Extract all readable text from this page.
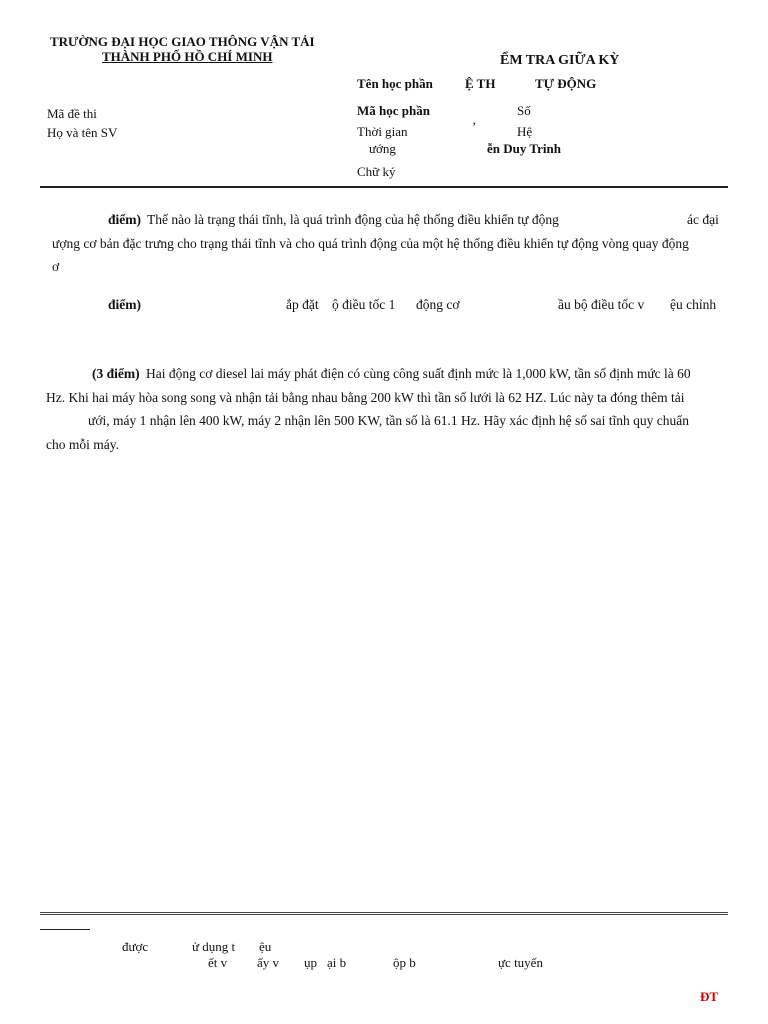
TRƯỜNG ĐẠI HỌC GIAO THÔNG VẬN TẢI
THÀNH PHỐ HỒ CHÍ MINH	ỂM TRA GIỮA KỲ
Tên học phần Ệ TH	TỰ ĐỘNG
Mã học phần	Số
Mã đề thi
Họ và tên SV	Thời gian	’	Hệ
ướng	ễn Duy Trinh
Chữ ký
điểm) Thế nào là trạng thái tĩnh, là quá trình động của hệ thống điều khiển tự động	ác đại
ượng cơ bản đặc trưng cho trạng thái tĩnh và cho quá trình động của một hệ thống điều khiển tự động vòng quay động
ơ
điểm)	ắp đặt ộ điều tốc 1 động cơ	ầu bộ điều tốc v ệu chỉnh
(3 điểm) Hai động cơ diesel lai máy phát điện có cùng công suất định mức là 1,000 kW, tần số định mức là 60
Hz. Khi hai máy hòa song song và nhận tải bằng nhau bằng 200 kW thì tần số lưới là 62 HZ. Lúc này ta đóng thêm tải
ưới, máy 1 nhận lên 400 kW, máy 2 nhận lên 500 KW, tần số là 61.1 Hz. Hãy xác định hệ số sai tĩnh quy chuẩn
cho mỗi máy.
được	ử dụng t ệu
ết v ấy v ụp ại b	ộp b	ực tuyến
ĐT
